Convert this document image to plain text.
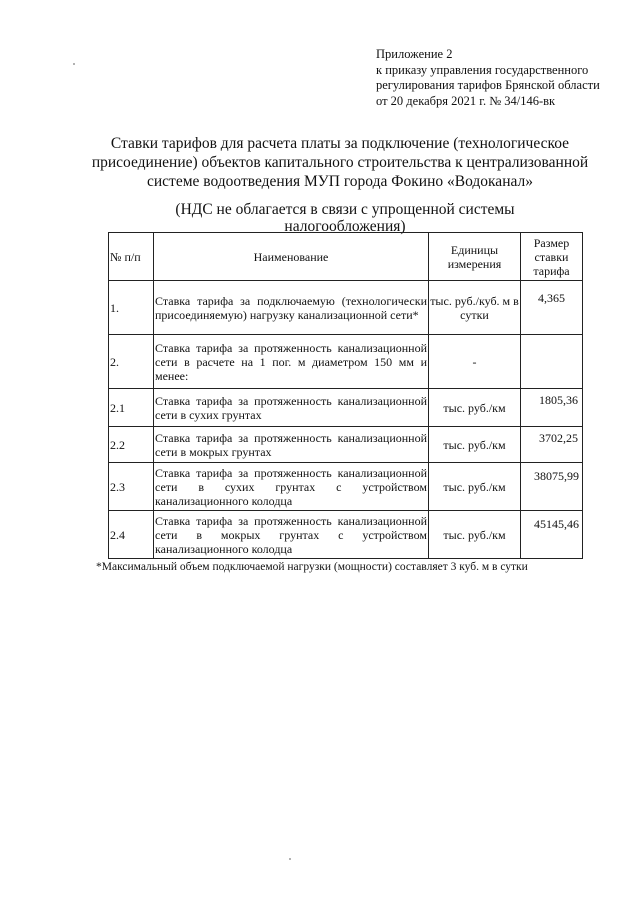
Приложение 2
к приказу управления государственного
регулирования тарифов Брянской области
от 20 декабря 2021 г. № 34/146-вк
Ставки тарифов для расчета платы за подключение (технологическое
присоединение) объектов капитального строительства к централизованной
системе водоотведения МУП города Фокино «Водоканал»
(НДС не облагается в связи с упрощенной системы
налогообложения)
№ п/п	Наименование	Единицы измерения	Размер ставки тарифа
1.	Ставка тарифа за подключаемую (технологически присоединяемую) нагрузку канализационной сети*	тыс. руб./куб. м в сутки	4,365
2.	Ставка тарифа за протяженность канализационной сети в расчете на 1 пог. м диаметром 150 мм и менее:	-	
2.1	Ставка тарифа за протяженность канализационной сети в сухих грунтах	тыс. руб./км	1805,36
2.2	Ставка тарифа за протяженность канализационной сети в мокрых грунтах	тыс. руб./км	3702,25
2.3	Ставка тарифа за протяженность канализационной сети в сухих грунтах с устройством канализационного колодца	тыс. руб./км	38075,99
2.4	Ставка тарифа за протяженность канализационной сети в мокрых грунтах с устройством канализационного колодца	тыс. руб./км	45145,46
*Максимальный объем подключаемой нагрузки (мощности) составляет 3 куб. м в сутки
